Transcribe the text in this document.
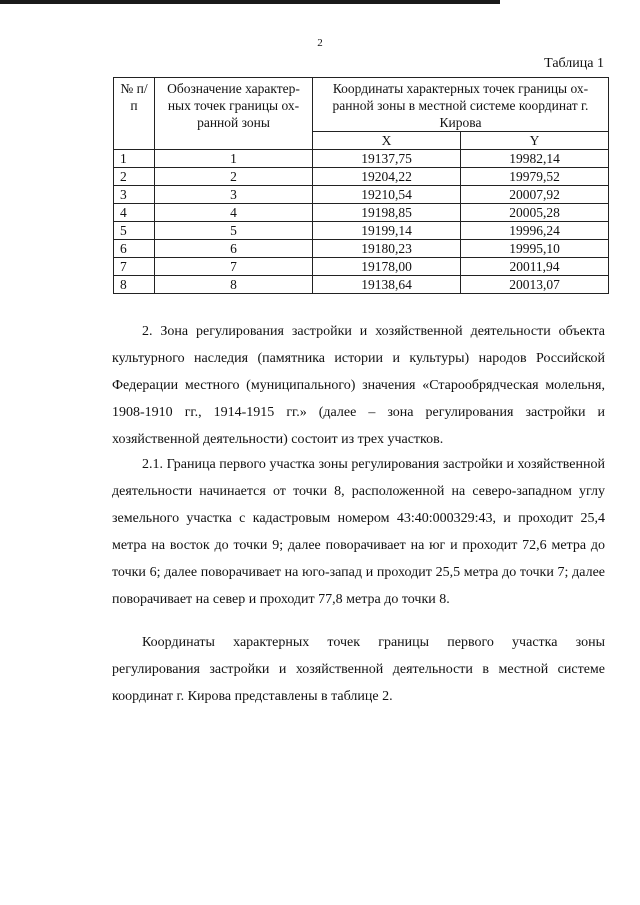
2
Таблица 1
№ п/п	Обозначение характер- ных точек границы ох- ранной зоны	Координаты характерных точек границы ох- ранной зоны в местной системе координат г. Кирова	
		X	Y
1	1	19137,75	19982,14
2	2	19204,22	19979,52
3	3	19210,54	20007,92
4	4	19198,85	20005,28
5	5	19199,14	19996,24
6	6	19180,23	19995,10
7	7	19178,00	20011,94
8	8	19138,64	20013,07
2. Зона регулирования застройки и хозяйственной деятельности объекта культурного наследия (памятника истории и культуры) народов Российской Федерации местного (муниципального) значения «Старообрядческая молельня, 1908-1910 гг., 1914-1915 гг.» (далее – зона регулирования застройки и хозяйственной деятельности) состоит из трех участков.
2.1. Граница первого участка зоны регулирования застройки и хозяйственной деятельности начинается от точки 8, расположенной на северо-западном углу земельного участка с кадастровым номером 43:40:000329:43, и проходит 25,4 метра на восток до точки 9; далее поворачивает на юг и проходит 72,6 метра до точки 6; далее поворачивает на юго-запад и проходит 25,5 метра до точки 7; далее поворачивает на север и проходит 77,8 метра до точки 8.
Координаты характерных точек границы первого участка зоны регулирования застройки и хозяйственной деятельности в местной системе координат г. Кирова представлены в таблице 2.
